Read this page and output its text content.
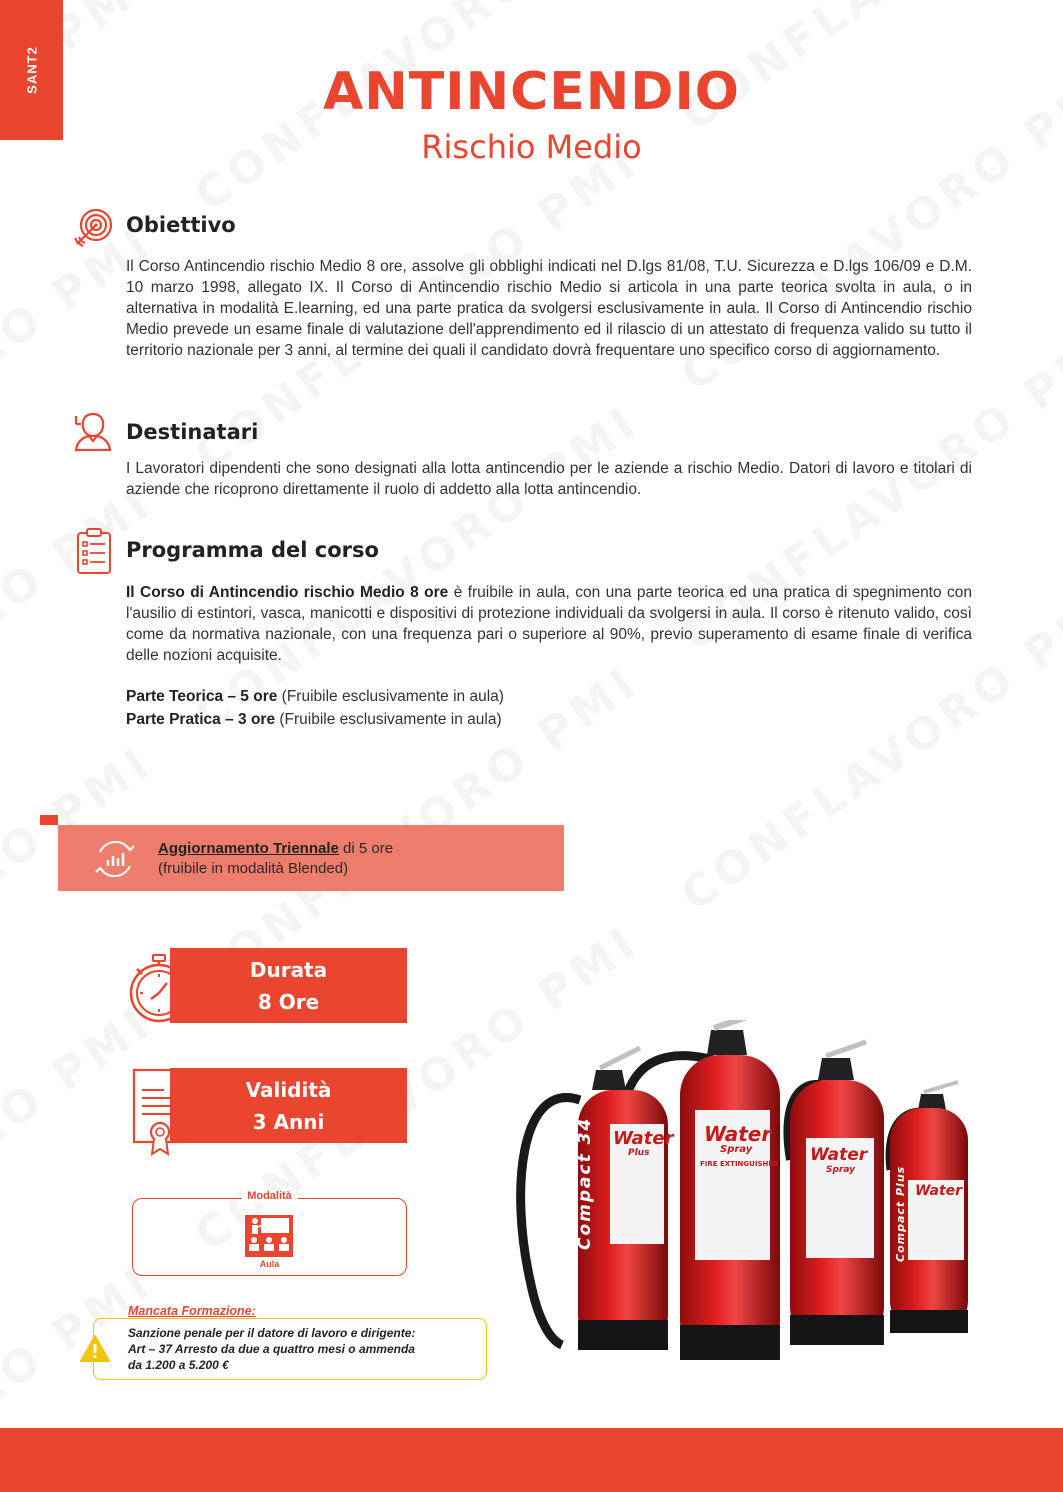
SANT2	ANTINCENDIO
Rischio Medio
Obiettivo
Il Corso Antincendio rischio Medio 8 ore, assolve gli obblighi indicati nel D.lgs 81/08, T.U. Sicurezza e D.lgs 106/09 e D.M. 10 marzo 1998, allegato IX. Il Corso di Antincendio rischio Medio si articola in una parte teorica svolta in aula, o in alternativa in modalità E.learning, ed una parte pratica da svolgersi esclusivamente in aula. Il Corso di Antincendio rischio Medio prevede un esame finale di valutazione dell'apprendimento ed il rilascio di un attestato di frequenza valido su tutto il territorio nazionale per 3 anni, al termine dei quali il candidato dovrà frequentare uno specifico corso di aggiornamento.
Destinatari
I Lavoratori dipendenti che sono designati alla lotta antincendio per le aziende a rischio Medio. Datori di lavoro e titolari di aziende che ricoprono direttamente il ruolo di addetto alla lotta antincendio.
Programma del corso
Il Corso di Antincendio rischio Medio 8 ore è fruibile in aula, con una parte teorica ed una pratica di spegnimento con l'ausilio di estintori, vasca, manicotti e dispositivi di protezione individuali da svolgersi in aula. Il corso è ritenuto valido, così come da normativa nazionale, con una frequenza pari o superiore al 90%, previo superamento di esame finale di verifica delle nozioni acquisite.
Parte Teorica – 5 ore (Fruibile esclusivamente in aula)
Parte Pratica – 3 ore (Fruibile esclusivamente in aula)
Aggiornamento Triennale di 5 ore
(fruibile in modalità Blended)
Durata
8 Ore
Validità
3 Anni
Modalità
Aula
Mancata Formazione:
Sanzione penale per il datore di lavoro e dirigente:
Art – 37 Arresto da due a quattro mesi o ammenda
da 1.200 a 5.200 €
Compact 34 Water
Plus
Water
Spray
FIRE EXTINGUISHER Water
Spray	Compact Plus Water
